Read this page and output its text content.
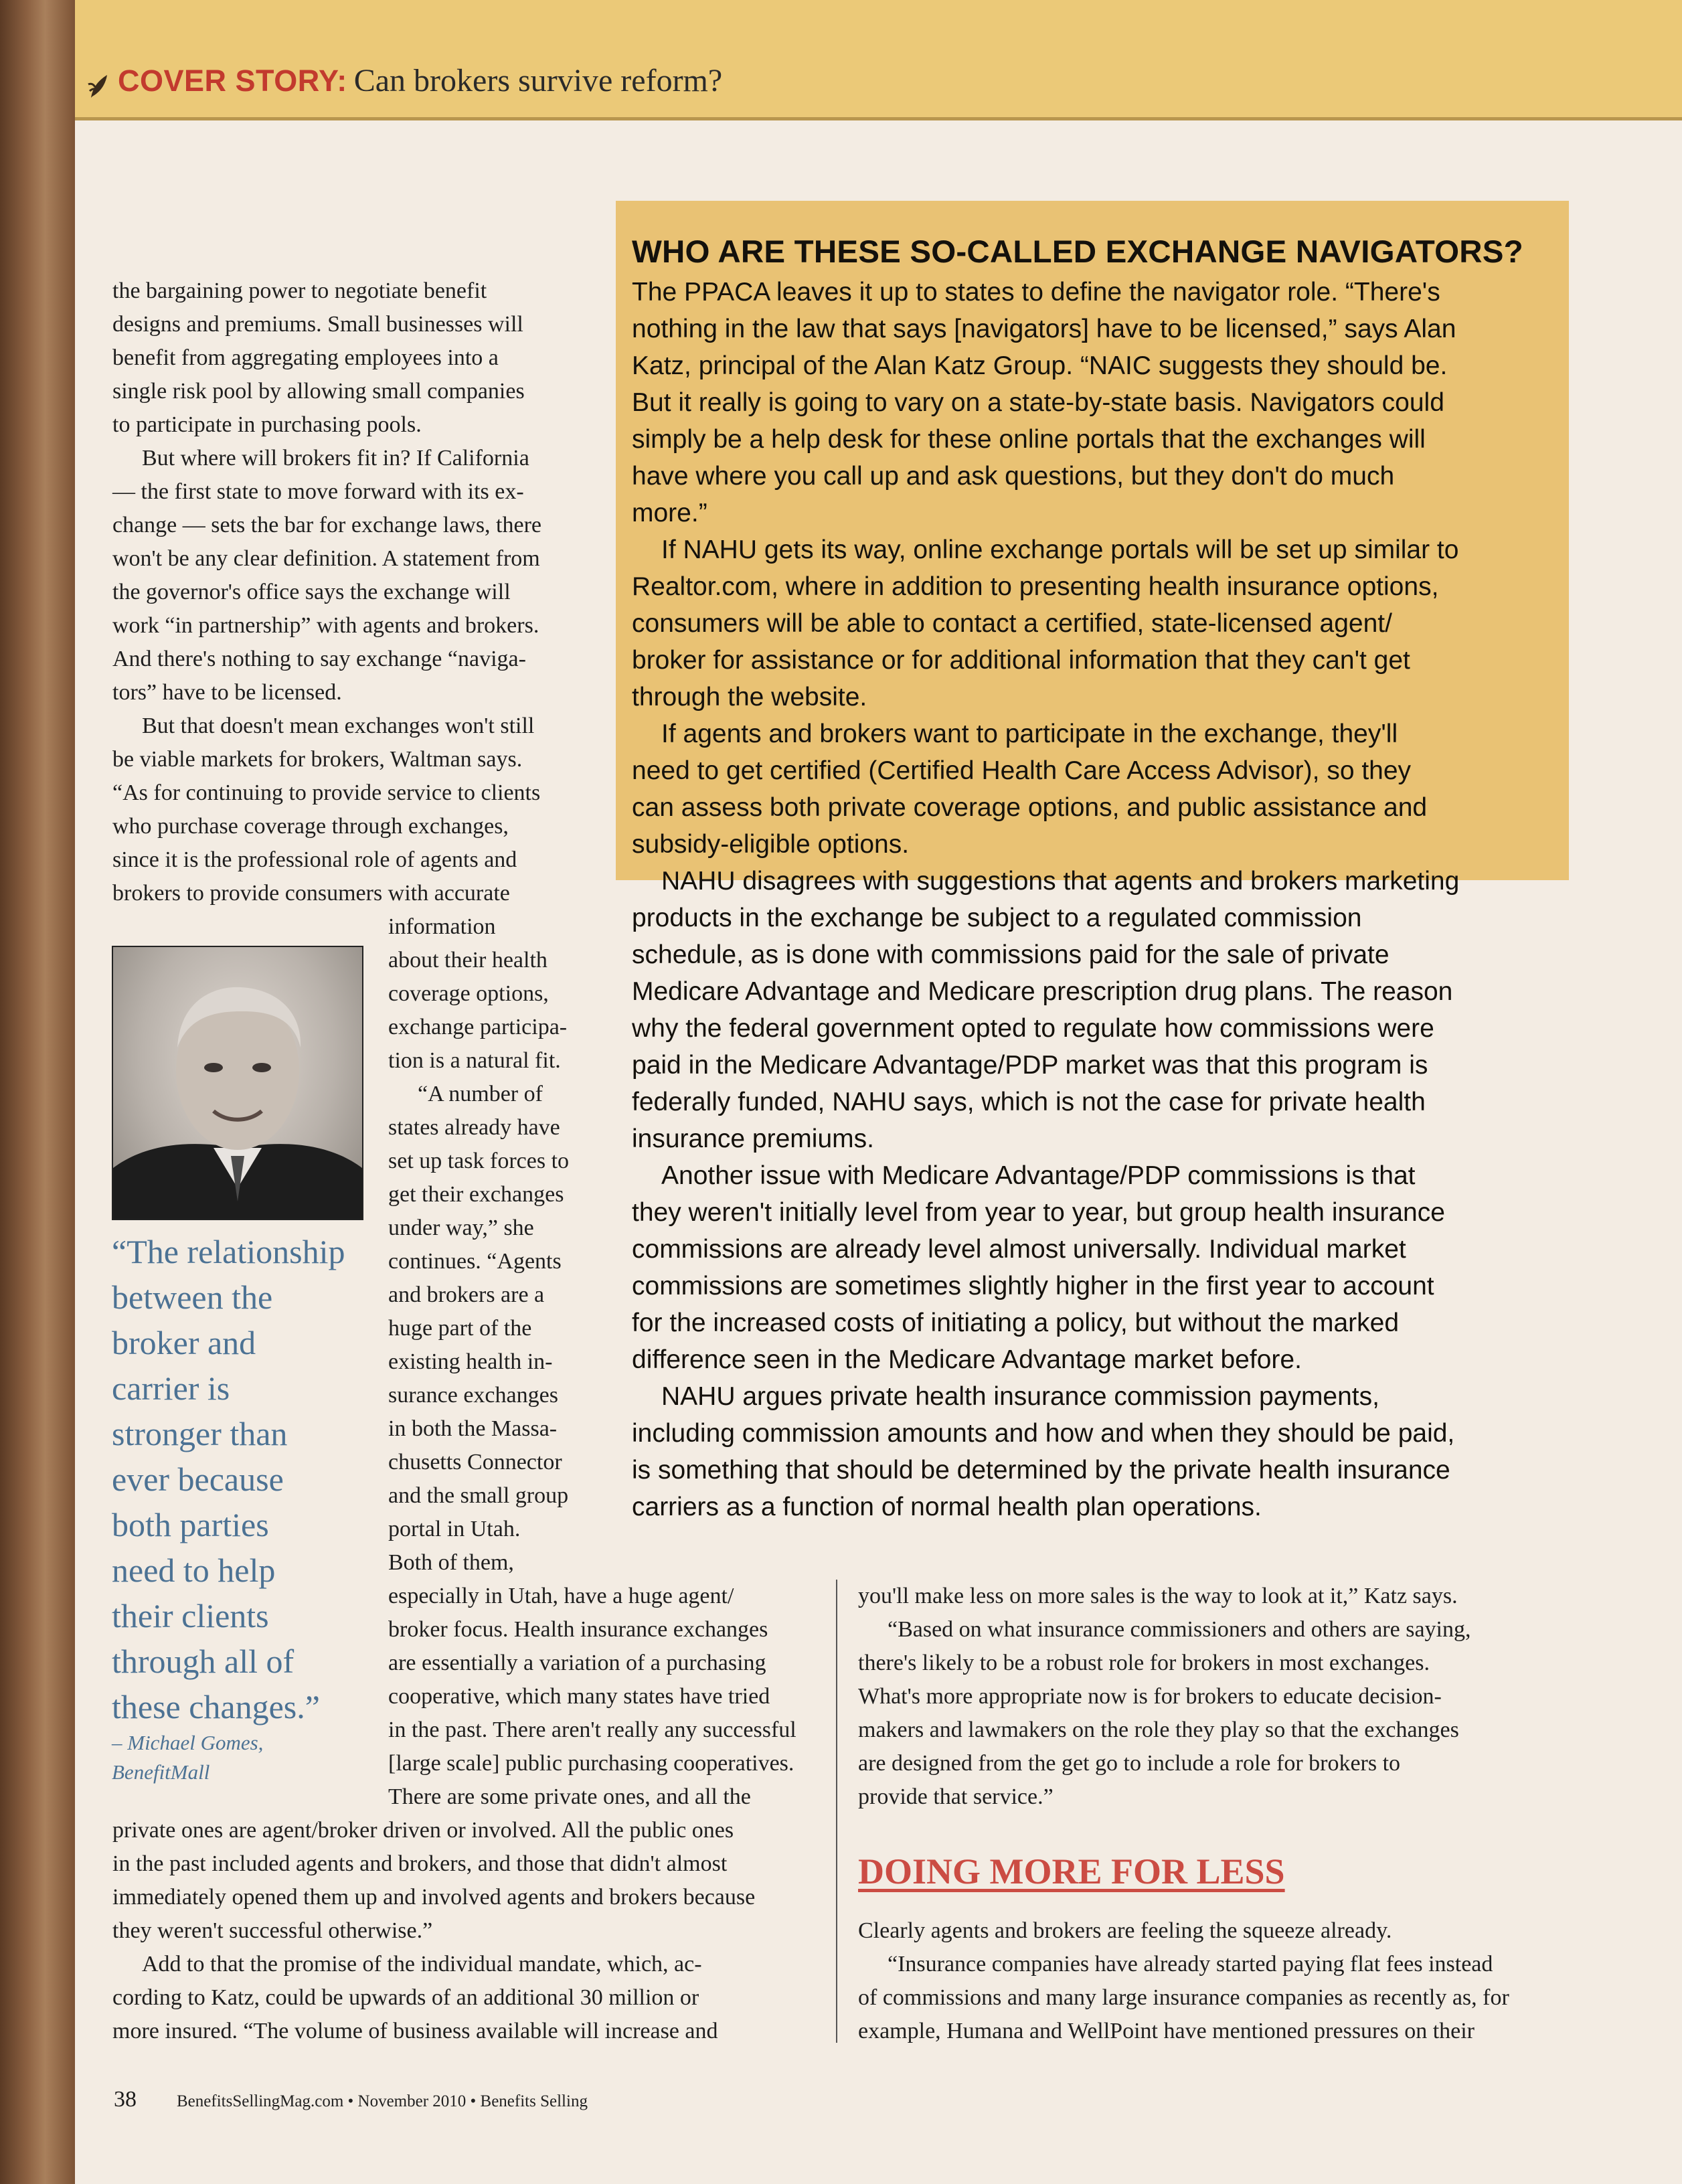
COVER STORY: Can brokers survive reform?

the bargaining power to negotiate benefit

designs and premiums. Small businesses will

benefit from aggregating employees into a

single risk pool by allowing small companies

to participate in purchasing pools.

But where will brokers fit in? If California

— the first state to move forward with its ex-

change — sets the bar for exchange laws, there

won't be any clear definition. A statement from

the governor's office says the exchange will

work “in partnership” with agents and brokers.

And there's nothing to say exchange “naviga-

tors” have to be licensed.

But that doesn't mean exchanges won't still

be viable markets for brokers, Waltman says.

“As for continuing to provide service to clients

who purchase coverage through exchanges,

since it is the professional role of agents and

brokers to provide consumers with accurate

information

about their health

coverage options,

exchange participa-

tion is a natural fit.

“A number of

states already have

set up task forces to

get their exchanges

under way,” she

continues. “Agents

and brokers are a

huge part of the

existing health in-

surance exchanges

in both the Massa-

chusetts Connector

and the small group

portal in Utah.

Both of them,

especially in Utah, have a huge agent/

broker focus. Health insurance exchanges

are essentially a variation of a purchasing

cooperative, which many states have tried

in the past. There aren't really any successful

[large scale] public purchasing cooperatives.

There are some private ones, and all the

private ones are agent/broker driven or involved. All the public ones

in the past included agents and brokers, and those that didn't almost

immediately opened them up and involved agents and brokers because

they weren't successful otherwise.”

Add to that the promise of the individual mandate, which, ac-

cording to Katz, could be upwards of an additional 30 million or

more insured. “The volume of business available will increase and

“The relationship
between the
broker and
carrier is
stronger than
ever because
both parties
need to help
their clients
through all of
these changes.”
– Michael Gomes,
BenefitMall
WHO ARE THESE SO-CALLED EXCHANGE NAVIGATORS?

The PPACA leaves it up to states to define the navigator role. “There's

nothing in the law that says [navigators] have to be licensed,” says Alan

Katz, principal of the Alan Katz Group. “NAIC suggests they should be.

But it really is going to vary on a state-by-state basis. Navigators could

simply be a help desk for these online portals that the exchanges will

have where you call up and ask questions, but they don't do much

more.”

If NAHU gets its way, online exchange portals will be set up similar to

Realtor.com, where in addition to presenting health insurance options,

consumers will be able to contact a certified, state-licensed agent/

broker for assistance or for additional information that they can't get

through the website.

If agents and brokers want to participate in the exchange, they'll

need to get certified (Certified Health Care Access Advisor), so they

can assess both private coverage options, and public assistance and

subsidy-eligible options.

NAHU disagrees with suggestions that agents and brokers marketing

products in the exchange be subject to a regulated commission

schedule, as is done with commissions paid for the sale of private

Medicare Advantage and Medicare prescription drug plans. The reason

why the federal government opted to regulate how commissions were

paid in the Medicare Advantage/PDP market was that this program is

federally funded, NAHU says, which is not the case for private health

insurance premiums.

Another issue with Medicare Advantage/PDP commissions is that

they weren't initially level from year to year, but group health insurance

commissions are already level almost universally. Individual market

commissions are sometimes slightly higher in the first year to account

for the increased costs of initiating a policy, but without the marked

difference seen in the Medicare Advantage market before.

NAHU argues private health insurance commission payments,

including commission amounts and how and when they should be paid,

is something that should be determined by the private health insurance

carriers as a function of normal health plan operations.

you'll make less on more sales is the way to look at it,” Katz says.

“Based on what insurance commissioners and others are saying,

there's likely to be a robust role for brokers in most exchanges.

What's more appropriate now is for brokers to educate decision-

makers and lawmakers on the role they play so that the exchanges

are designed from the get go to include a role for brokers to

provide that service.”

DOING MORE FOR LESS

Clearly agents and brokers are feeling the squeeze already.

“Insurance companies have already started paying flat fees instead

of commissions and many large insurance companies as recently as, for

example, Humana and WellPoint have mentioned pressures on their

38 BenefitsSellingMag.com • November 2010 • Benefits Selling
